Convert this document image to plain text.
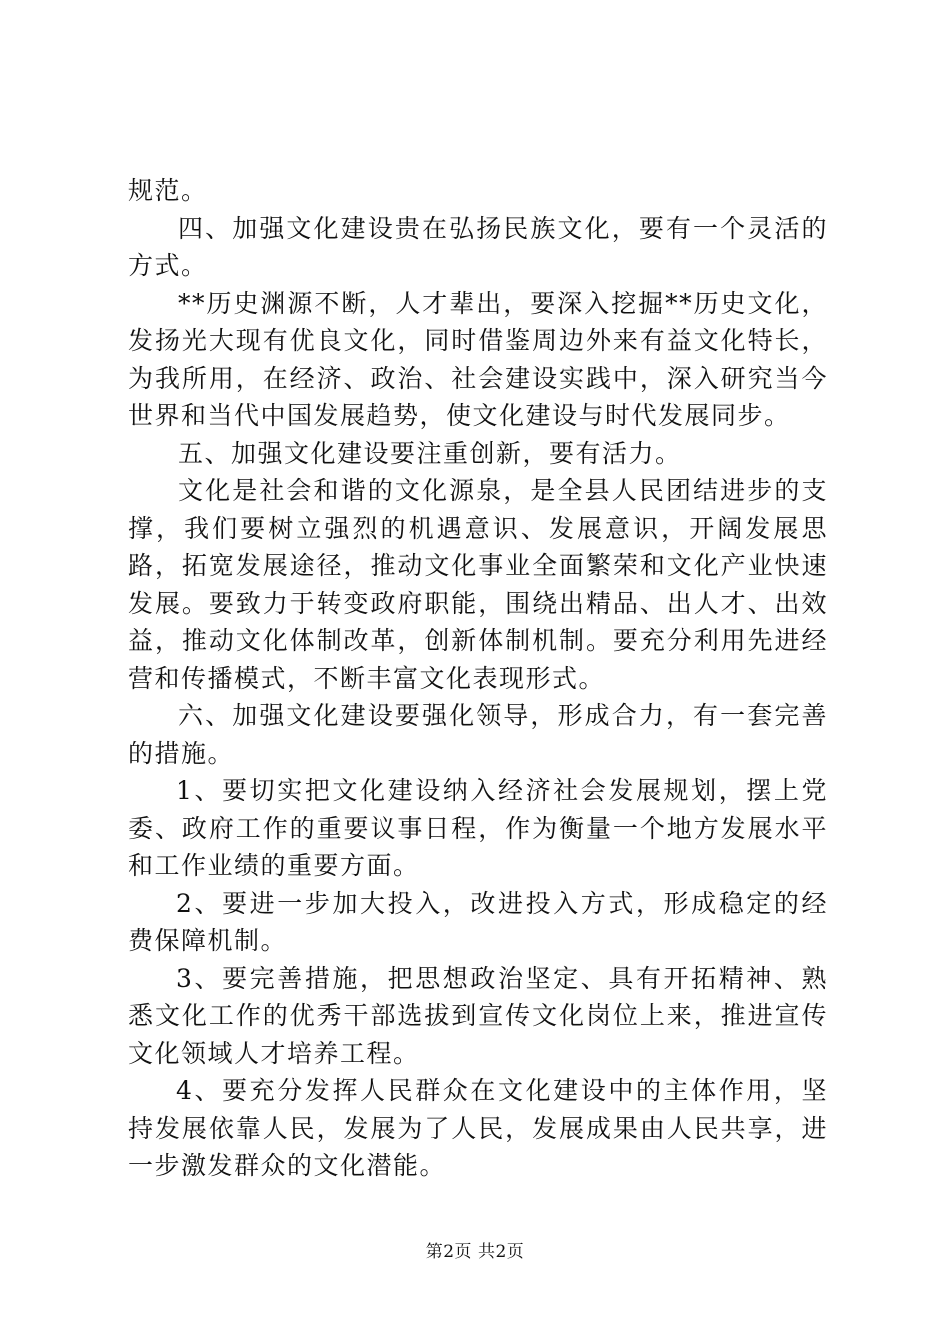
规范。

四、加强文化建设贵在弘扬民族文化，要有一个灵活的方式。

**历史渊源不断，人才辈出，要深入挖掘**历史文化，发扬光大现有优良文化，同时借鉴周边外来有益文化特长，为我所用，在经济、政治、社会建设实践中，深入研究当今世界和当代中国发展趋势，使文化建设与时代发展同步。

五、加强文化建设要注重创新，要有活力。

文化是社会和谐的文化源泉，是全县人民团结进步的支撑，我们要树立强烈的机遇意识、发展意识，开阔发展思路，拓宽发展途径，推动文化事业全面繁荣和文化产业快速发展。要致力于转变政府职能，围绕出精品、出人才、出效益，推动文化体制改革，创新体制机制。要充分利用先进经营和传播模式，不断丰富文化表现形式。

六、加强文化建设要强化领导，形成合力，有一套完善的措施。

1、要切实把文化建设纳入经济社会发展规划，摆上党委、政府工作的重要议事日程，作为衡量一个地方发展水平和工作业绩的重要方面。

2、要进一步加大投入，改进投入方式，形成稳定的经费保障机制。

3、要完善措施，把思想政治坚定、具有开拓精神、熟悉文化工作的优秀干部选拔到宣传文化岗位上来，推进宣传文化领域人才培养工程。

4、要充分发挥人民群众在文化建设中的主体作用，坚持发展依靠人民，发展为了人民，发展成果由人民共享，进一步激发群众的文化潜能。

第2页 共2页
